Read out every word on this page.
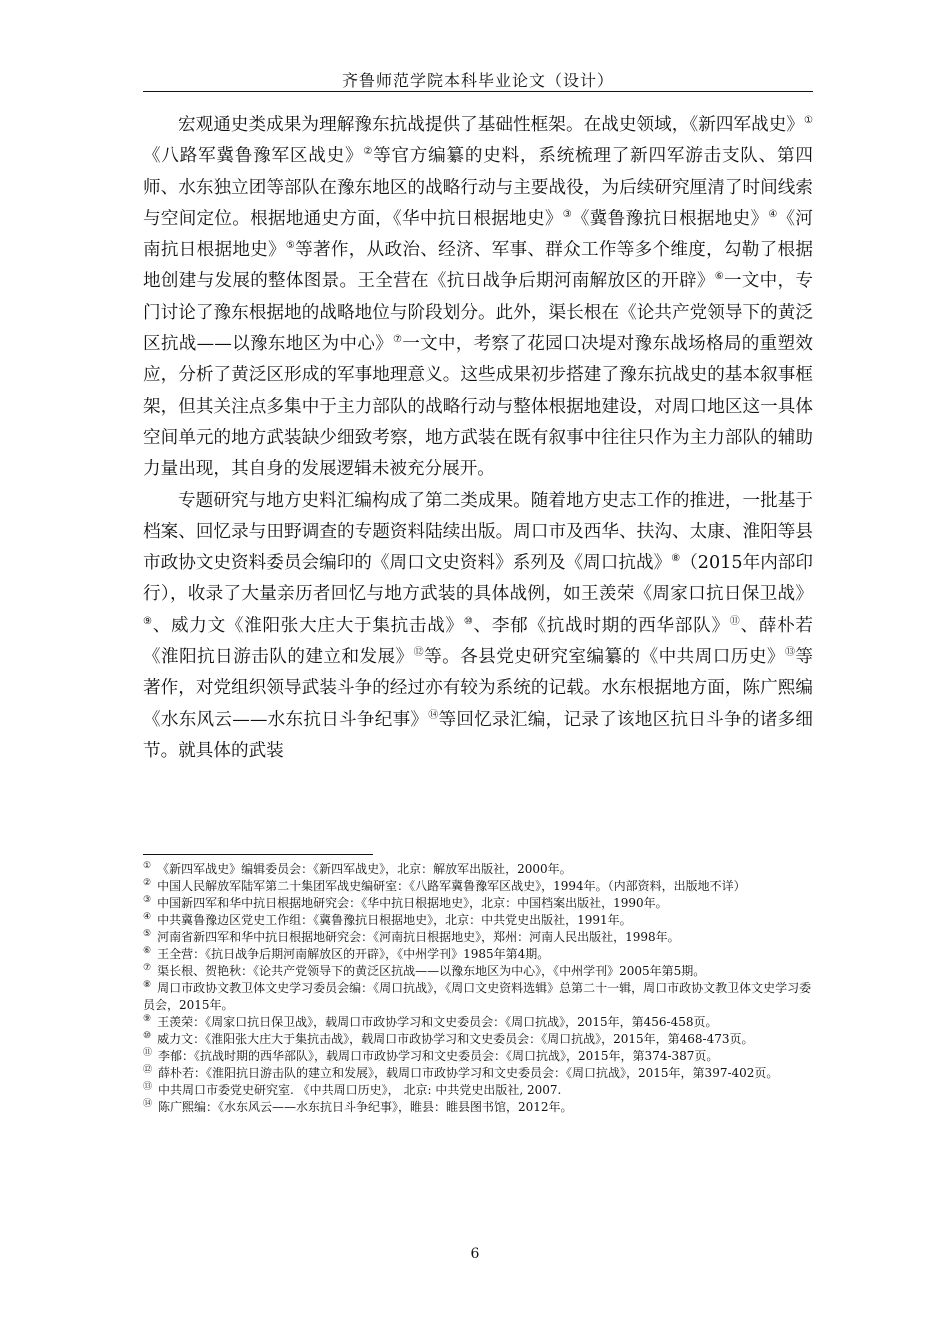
齐鲁师范学院本科毕业论文（设计）

宏观通史类成果为理解豫东抗战提供了基础性框架。在战史领域，《新四军战史》①《八路军冀鲁豫军区战史》②等官方编纂的史料，系统梳理了新四军游击支队、第四师、水东独立团等部队在豫东地区的战略行动与主要战役，为后续研究厘清了时间线索与空间定位。根据地通史方面，《华中抗日根据地史》③《冀鲁豫抗日根据地史》④《河南抗日根据地史》⑤等著作，从政治、经济、军事、群众工作等多个维度，勾勒了根据地创建与发展的整体图景。王全营在《抗日战争后期河南解放区的开辟》⑥一文中，专门讨论了豫东根据地的战略地位与阶段划分。此外，渠长根在《论共产党领导下的黄泛区抗战——以豫东地区为中心》⑦一文中，考察了花园口决堤对豫东战场格局的重塑效应，分析了黄泛区形成的军事地理意义。这些成果初步搭建了豫东抗战史的基本叙事框架，但其关注点多集中于主力部队的战略行动与整体根据地建设，对周口地区这一具体空间单元的地方武装缺少细致考察，地方武装在既有叙事中往往只作为主力部队的辅助力量出现，其自身的发展逻辑未被充分展开。

专题研究与地方史料汇编构成了第二类成果。随着地方史志工作的推进，一批基于档案、回忆录与田野调查的专题资料陆续出版。周口市及西华、扶沟、太康、淮阳等县市政协文史资料委员会编印的《周口文史资料》系列及《周口抗战》⑧（2015年内部印行），收录了大量亲历者回忆与地方武装的具体战例，如王羡荣《周家口抗日保卫战》⑨、威力文《淮阳张大庄大于集抗击战》⑩、李郁《抗战时期的西华部队》⑪、薛朴若《淮阳抗日游击队的建立和发展》⑫等。各县党史研究室编纂的《中共周口历史》⑬等著作，对党组织领导武装斗争的经过亦有较为系统的记载。水东根据地方面，陈广熙编《水东风云——水东抗日斗争纪事》⑭等回忆录汇编，记录了该地区抗日斗争的诸多细节。就具体的武装

① 《新四军战史》编辑委员会：《新四军战史》，北京：解放军出版社，2000年。

② 中国人民解放军陆军第二十集团军战史编研室：《八路军冀鲁豫军区战史》，1994年。（内部资料，出版地不详）

③ 中国新四军和华中抗日根据地研究会：《华中抗日根据地史》，北京：中国档案出版社，1990年。

④ 中共冀鲁豫边区党史工作组：《冀鲁豫抗日根据地史》，北京：中共党史出版社，1991年。

⑤ 河南省新四军和华中抗日根据地研究会：《河南抗日根据地史》，郑州：河南人民出版社，1998年。

⑥ 王全营：《抗日战争后期河南解放区的开辟》，《中州学刊》1985年第4期。

⑦ 渠长根、贺艳秋：《论共产党领导下的黄泛区抗战——以豫东地区为中心》，《中州学刊》2005年第5期。

⑧ 周口市政协文教卫体文史学习委员会编：《周口抗战》，《周口文史资料选辑》总第二十一辑，周口市政协文教卫体文史学习委员会，2015年。

⑨ 王羡荣：《周家口抗日保卫战》，载周口市政协学习和文史委员会：《周口抗战》，2015年，第456-458页。

⑩ 威力文：《淮阳张大庄大于集抗击战》，载周口市政协学习和文史委员会：《周口抗战》，2015年，第468-473页。

⑪ 李郁：《抗战时期的西华部队》，载周口市政协学习和文史委员会：《周口抗战》，2015年，第374-387页。

⑫ 薛朴若：《淮阳抗日游击队的建立和发展》，载周口市政协学习和文史委员会：《周口抗战》，2015年，第397-402页。

⑬ 中共周口市委党史研究室. 《中共周口历史》， 北京: 中共党史出版社, 2007.

⑭ 陈广熙编：《水东风云——水东抗日斗争纪事》，睢县：睢县图书馆，2012年。

6
